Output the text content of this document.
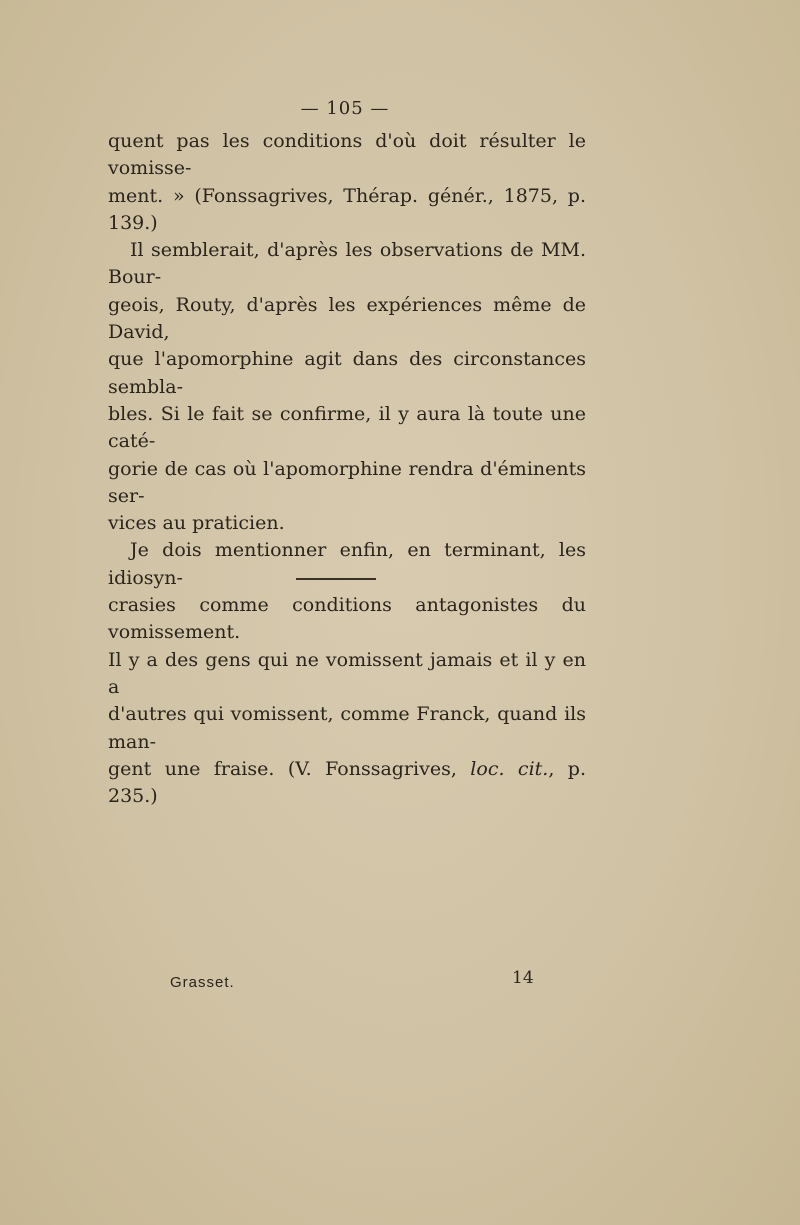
— 105 —

quent pas les conditions d'où doit résulter le vomisse-
ment. » (Fonssagrives, Thérap. génér., 1875, p. 139.)

Il semblerait, d'après les observations de MM. Bour-
geois, Routy, d'après les expériences même de David,
que l'apomorphine agit dans des circonstances sembla-
bles. Si le fait se confirme, il y aura là toute une caté-
gorie de cas où l'apomorphine rendra d'éminents ser-
vices au praticien.

Je dois mentionner enfin, en terminant, les idiosyn-
crasies comme conditions antagonistes du vomissement.
Il y a des gens qui ne vomissent jamais et il y en a
d'autres qui vomissent, comme Franck, quand ils man-
gent une fraise. (V. Fonssagrives, loc. cit., p. 235.)

Grasset.	14
